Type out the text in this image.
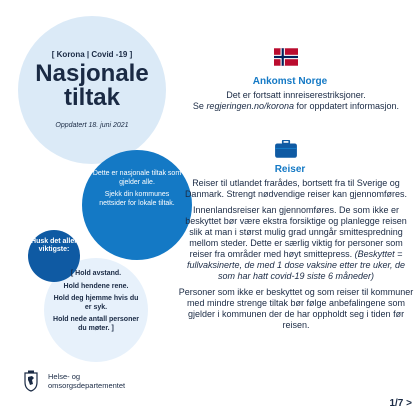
[ Korona | Covid -19 ]
Nasjonale
tiltak
Oppdatert 18. juni 2021

Dette er nasjonale tiltak som gjelder alle.

Sjekk din kommunes nettsider for lokale tiltak.

Husk det aller viktigste:

[ Hold avstand.

Hold hendene rene.

Hold deg hjemme hvis du er syk.

Hold nede antall personer du møter. ]

Ankomst Norge
Det er fortsatt innreiserestriksjoner.
Se regjeringen.no/korona for oppdatert informasjon.
Reiser

Reiser til utlandet frarådes, bortsett fra til Sverige og Danmark. Strengt nødvendige reiser kan gjennomføres.

Innenlandsreiser kan gjennomføres. De som ikke er beskyttet bør være ekstra forsiktige og planlegge reisen slik at man i størst mulig grad unngår smittespredning mellom steder. Dette er særlig viktig for personer som reiser fra områder med høyt smittepress. (Beskyttet = fullvaksinerte, de med 1 dose vaksine etter tre uker, de som har hatt covid-19 siste 6 måneder)

Personer som ikke er beskyttet og som reiser til kommuner med mindre strenge tiltak bør følge anbefalingene som gjelder i kommunen der de har oppholdt seg i tiden før reisen.

Helse- og
omsorgsdepartementet
1/7 >
